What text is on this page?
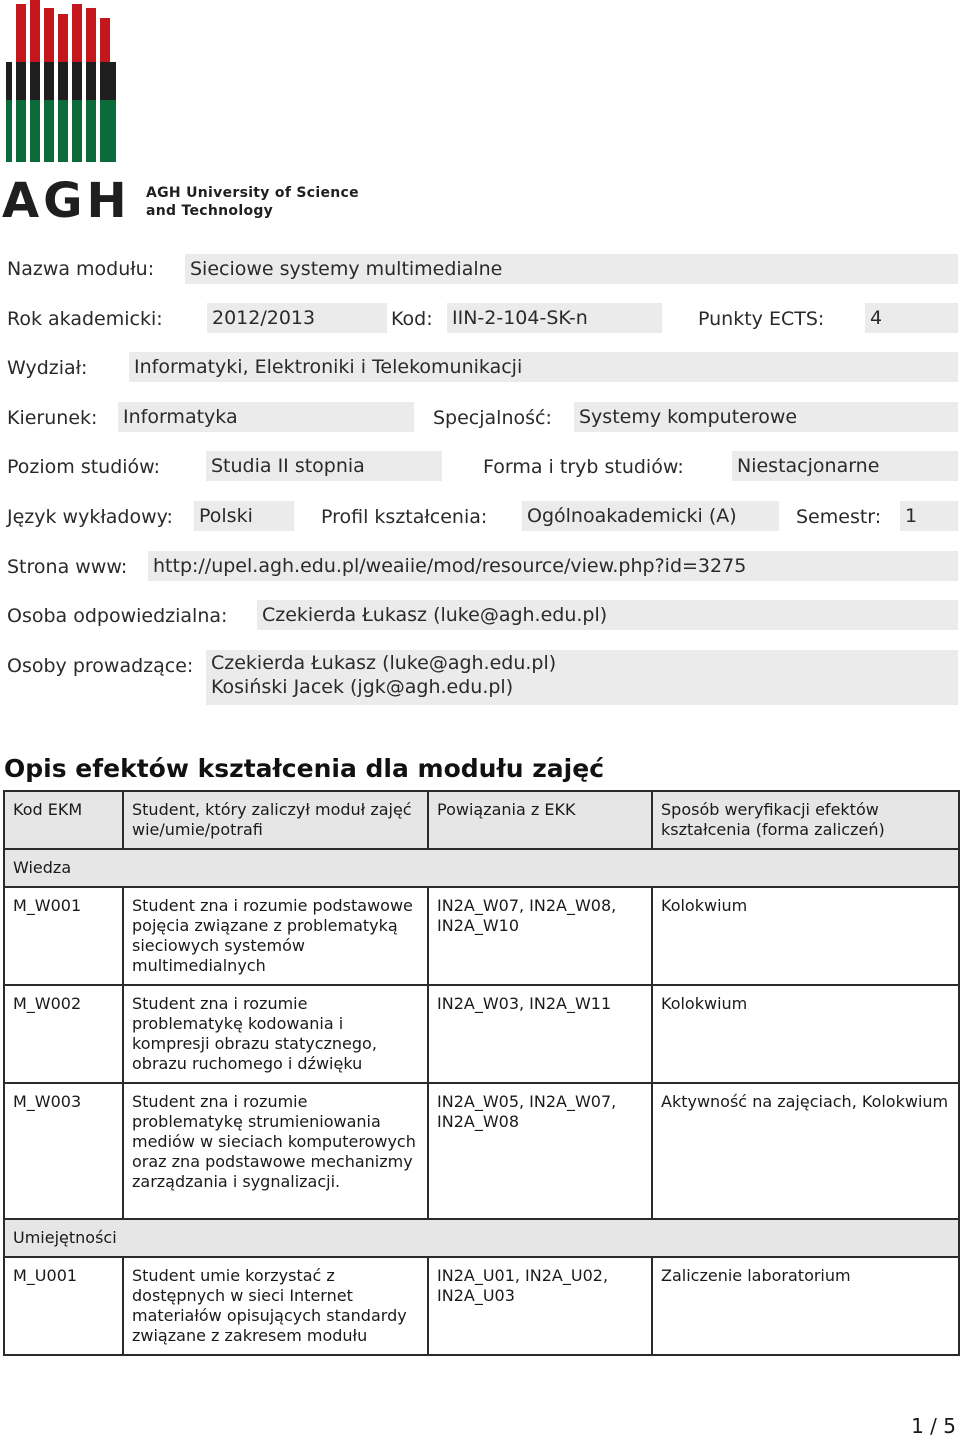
AGH AGH University of Science
and Technology
Nazwa modułu: Sieciowe systemy multimedialne
Rok akademicki:	2012/2013	Kod: IIN-2-104-SK-n	Punkty ECTS: 4
Wydział: Informatyki, Elektroniki i Telekomunikacji
Kierunek: Informatyka	Specjalność: Systemy komputerowe
Poziom studiów:	Studia II stopnia	Forma i tryb studiów:	Niestacjonarne
Język wykładowy: Polski	Profil kształcenia: Ogólnoakademicki (A)	Semestr: 1
Strona www: http://upel.agh.edu.pl/weaiie/mod/resource/view.php?id=3275
Osoba odpowiedzialna: Czekierda Łukasz (luke@agh.edu.pl)
Osoby prowadzące: Czekierda Łukasz (luke@agh.edu.pl)
Kosiński Jacek (jgk@agh.edu.pl)
Opis efektów kształcenia dla modułu zajęć
Kod EKM	Student, który zaliczył moduł zajęć wie/umie/potrafi	Powiązania z EKK	Sposób weryfikacji efektów kształcenia (forma zaliczeń)
Wiedza			
M_W001	Student zna i rozumie podstawowe pojęcia związane z problematyką sieciowych systemów multimedialnych	IN2A_W07, IN2A_W08, IN2A_W10	Kolokwium
M_W002	Student zna i rozumie problematykę kodowania i kompresji obrazu statycznego, obrazu ruchomego i dźwięku	IN2A_W03, IN2A_W11	Kolokwium
M_W003	Student zna i rozumie problematykę strumieniowania mediów w sieciach komputerowych oraz zna podstawowe mechanizmy zarządzania i sygnalizacji.	IN2A_W05, IN2A_W07, IN2A_W08	Aktywność na zajęciach, Kolokwium
Umiejętności			
M_U001	Student umie korzystać z dostępnych w sieci Internet materiałów opisujących standardy związane z zakresem modułu	IN2A_U01, IN2A_U02, IN2A_U03	Zaliczenie laboratorium
1 / 5
